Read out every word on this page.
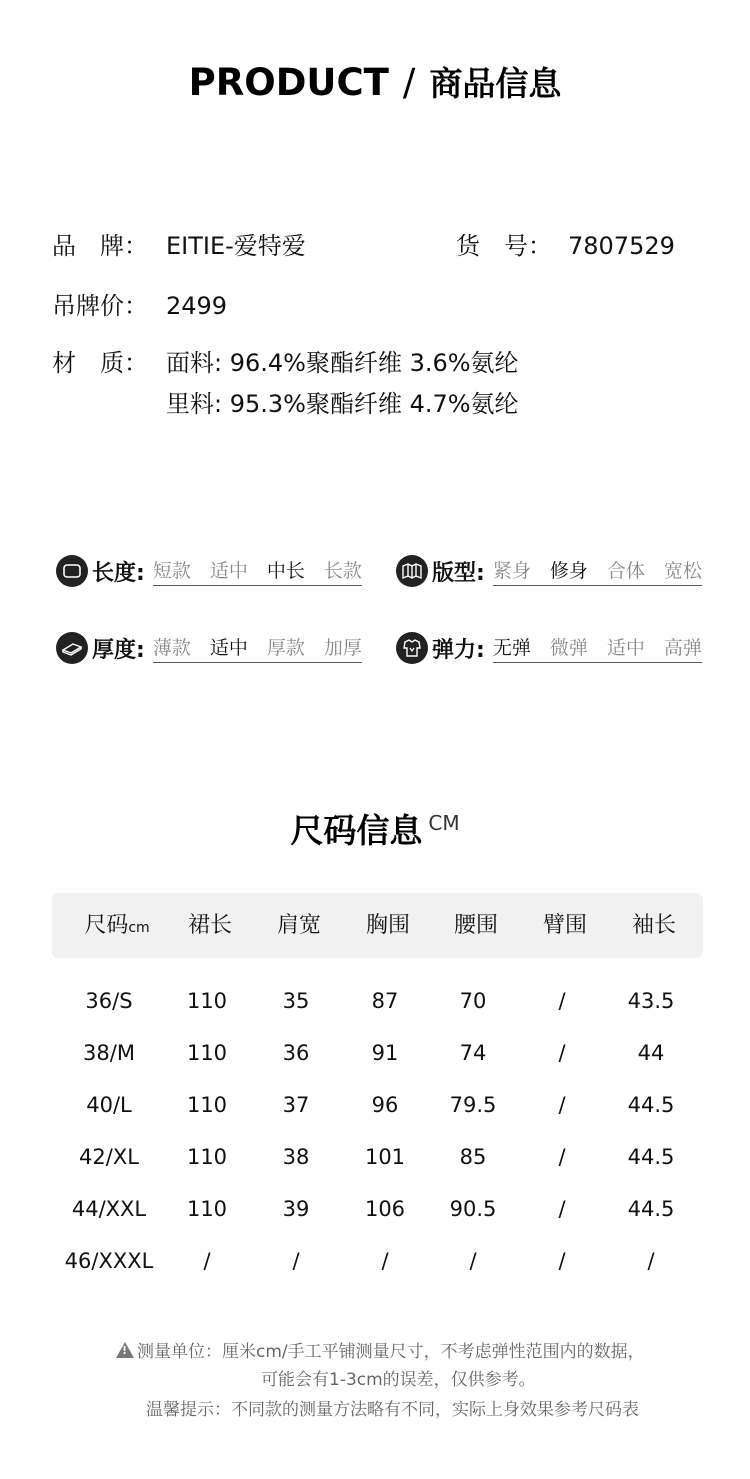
PRODUCT / 商品信息
品　牌： EITIE-爱特爱	货　号： 7807529
吊牌价： 2499
材　质： 面料: 96.4%聚酯纤维 3.6%氨纶
里料: 95.3%聚酯纤维 4.7%氨纶
长度: 短款 适中 中长 长款	版型: 紧身 修身 合体 宽松
厚度: 薄款 适中 厚款 加厚	弹力: 无弹 微弹 适中 高弹
尺码信息 CM
尺码cm	裙长	肩宽	胸围	腰围	臂围	袖长
36/S	110	35	87	70	/	43.5
38/M	110	36	91	74	/	44
40/L	110	37	96	79.5	/	44.5
42/XL	110	38	101	85	/	44.5
44/XXL	110	39	106	90.5	/	44.5
46/XXXL	/	/	/	/	/	/
!测量单位：厘米cm/手工平铺测量尺寸，不考虑弹性范围内的数据，
可能会有1-3cm的误差，仅供参考。
温馨提示：不同款的测量方法略有不同，实际上身效果参考尺码表
